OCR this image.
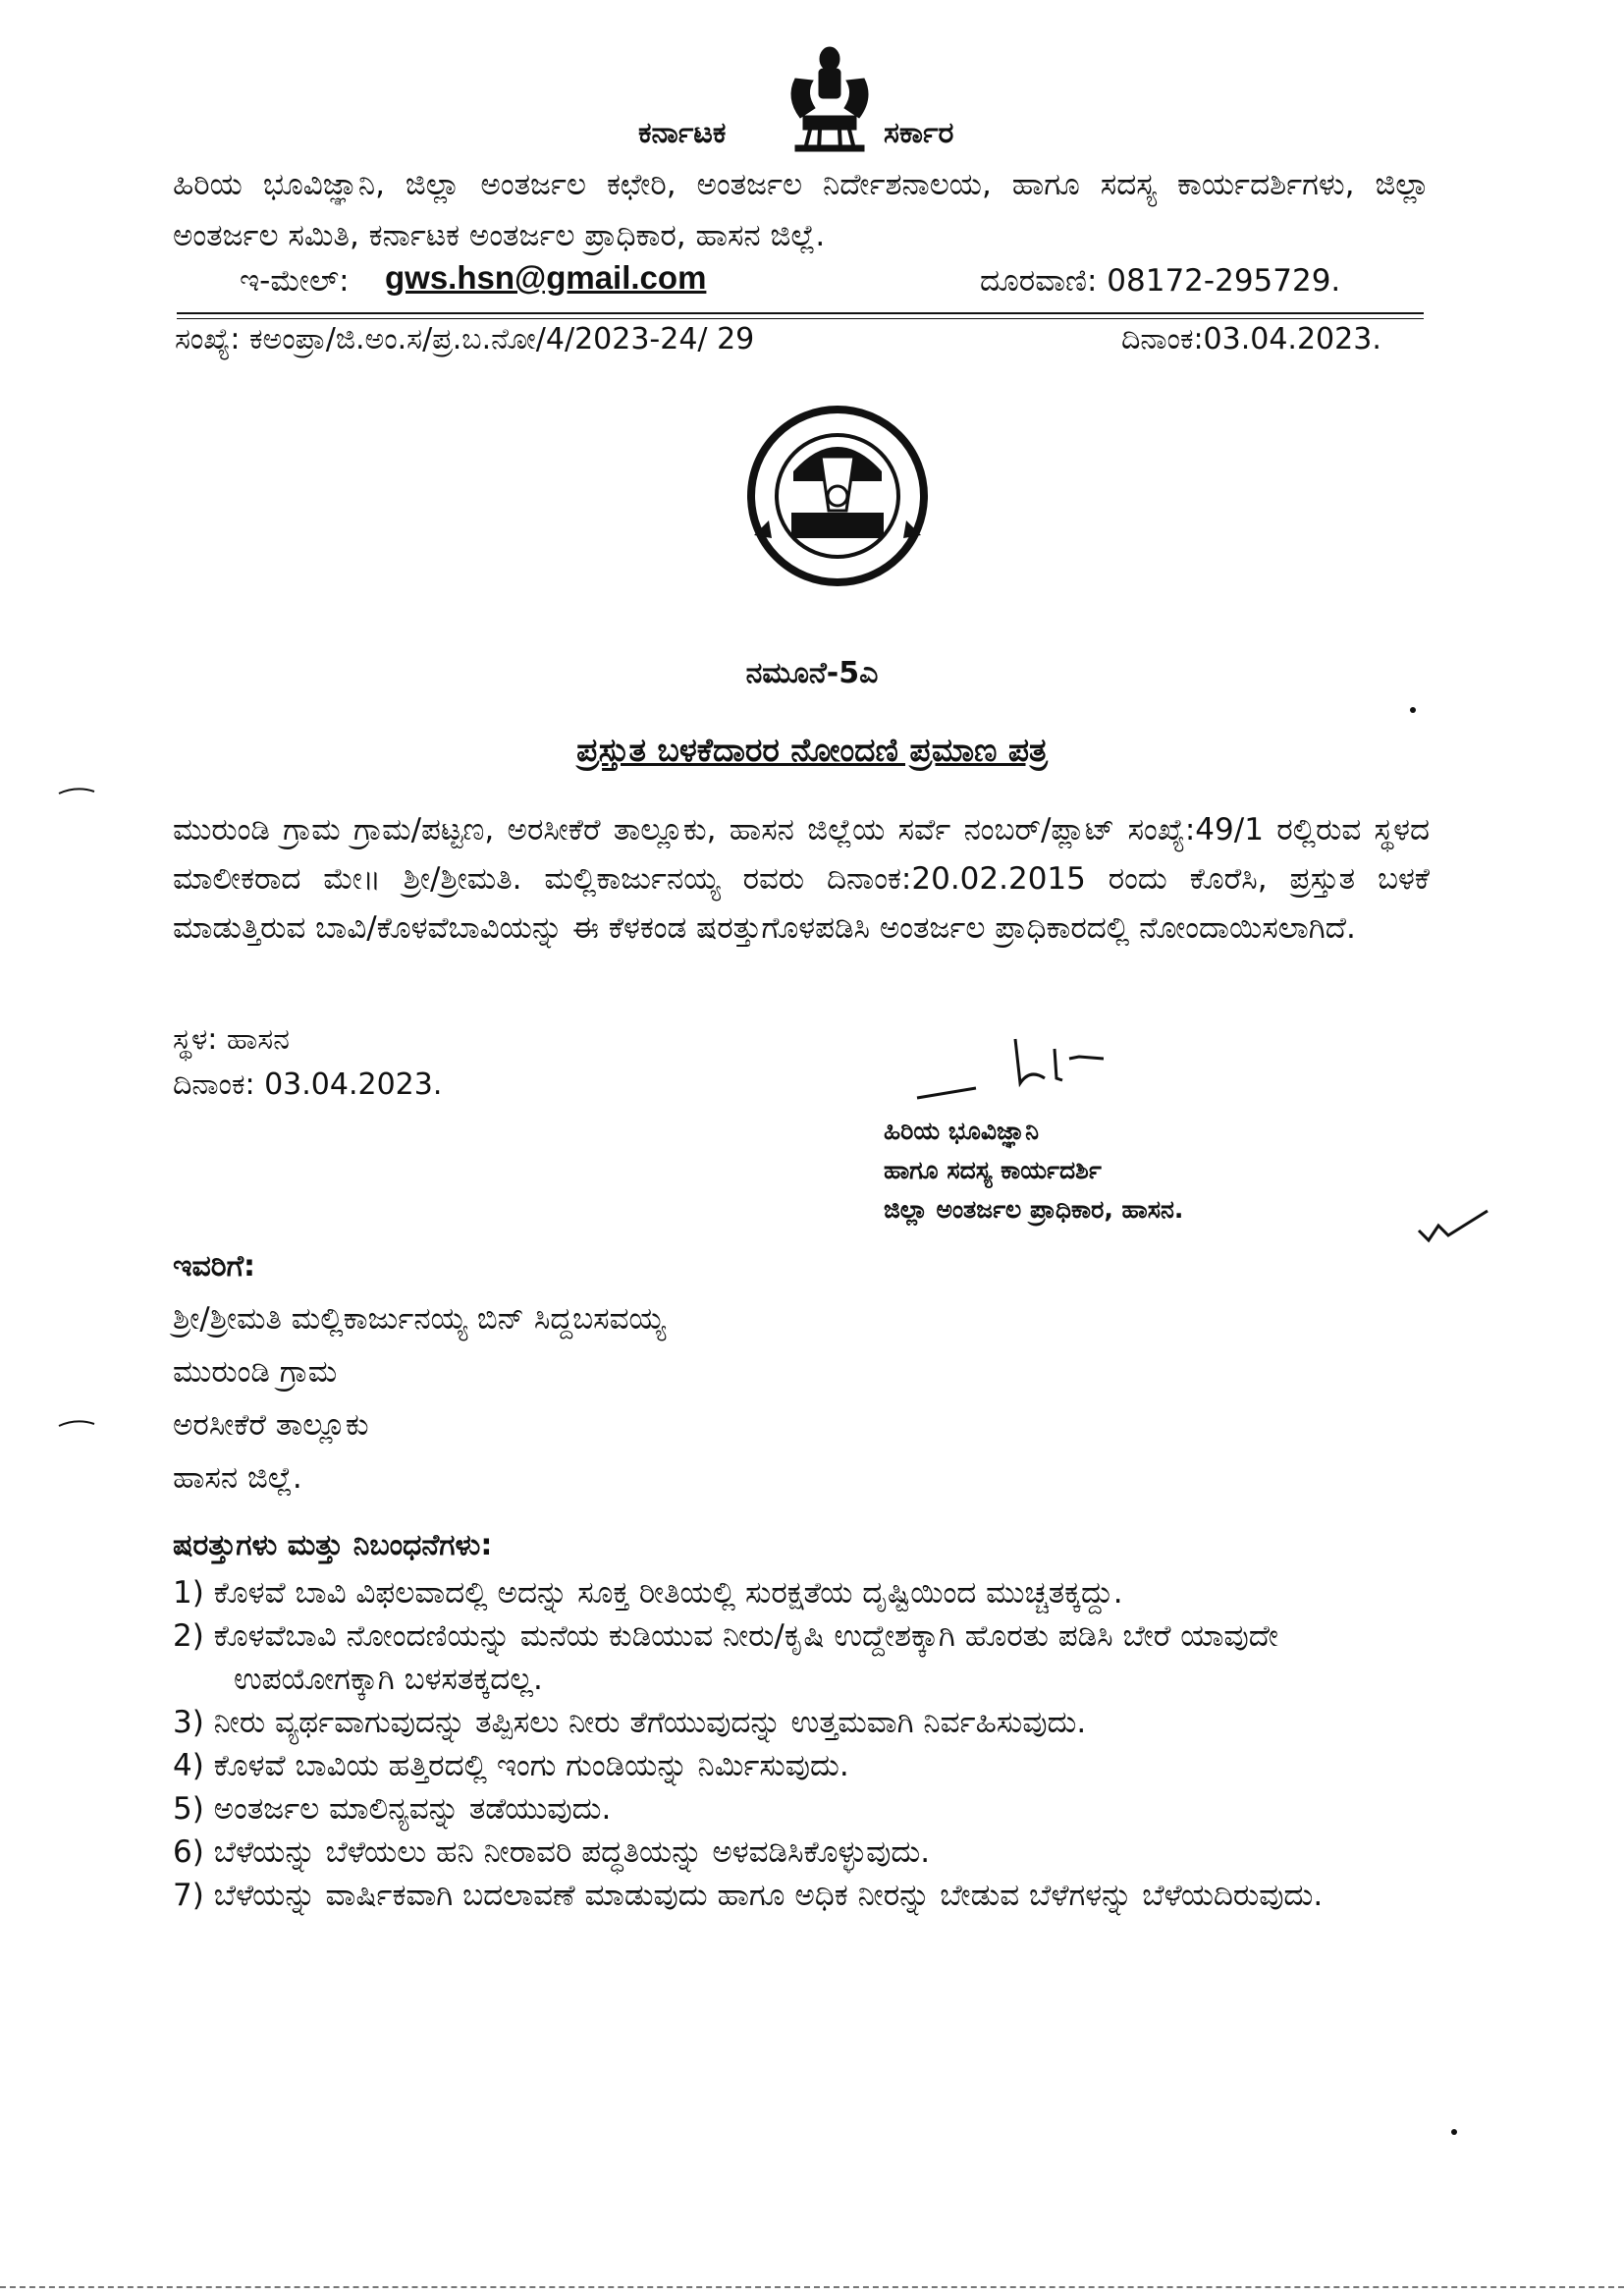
ಕರ್ನಾಟಕ	ಸರ್ಕಾರ
ಹಿರಿಯ ಭೂವಿಜ್ಞಾನಿ, ಜಿಲ್ಲಾ ಅಂತರ್ಜಲ ಕಛೇರಿ, ಅಂತರ್ಜಲ ನಿರ್ದೇಶನಾಲಯ, ಹಾಗೂ ಸದಸ್ಯ ಕಾರ್ಯದರ್ಶಿಗಳು, ಜಿಲ್ಲಾ ಅಂತರ್ಜಲ ಸಮಿತಿ, ಕರ್ನಾಟಕ ಅಂತರ್ಜಲ ಪ್ರಾಧಿಕಾರ, ಹಾಸನ ಜಿಲ್ಲೆ.
ಇ-ಮೇಲ್: gws.hsn@gmail.com	ದೂರವಾಣಿ: 08172-295729.
ಸಂಖ್ಯೆ: ಕಅಂಪ್ರಾ/ಜಿ.ಅಂ.ಸ/ಪ್ರ.ಬ.ನೋ/4/2023-24/ 29	ದಿನಾಂಕ:03.04.2023.
ನಮೂನೆ-5ಎ
ಪ್ರಸ್ತುತ ಬಳಕೆದಾರರ ನೋಂದಣಿ ಪ್ರಮಾಣ ಪತ್ರ
ಮುರುಂಡಿ ಗ್ರಾಮ ಗ್ರಾಮ/ಪಟ್ಟಣ, ಅರಸೀಕೆರೆ ತಾಲ್ಲೂಕು, ಹಾಸನ ಜಿಲ್ಲೆಯ ಸರ್ವೆ ನಂಬರ್/ಪ್ಲಾಟ್ ಸಂಖ್ಯೆ:49/1 ರಲ್ಲಿರುವ ಸ್ಥಳದ ಮಾಲೀಕರಾದ ಮೇ॥ ಶ್ರೀ/ಶ್ರೀಮತಿ. ಮಲ್ಲಿಕಾರ್ಜುನಯ್ಯ ರವರು ದಿನಾಂಕ:20.02.2015 ರಂದು ಕೊರೆಸಿ, ಪ್ರಸ್ತುತ ಬಳಕೆ ಮಾಡುತ್ತಿರುವ ಬಾವಿ/ಕೊಳವೆಬಾವಿಯನ್ನು ಈ ಕೆಳಕಂಡ ಷರತ್ತುಗೊಳಪಡಿಸಿ ಅಂತರ್ಜಲ ಪ್ರಾಧಿಕಾರದಲ್ಲಿ ನೋಂದಾಯಿಸಲಾಗಿದೆ.
ಸ್ಥಳ: ಹಾಸನ
ದಿನಾಂಕ: 03.04.2023.
ಹಿರಿಯ ಭೂವಿಜ್ಞಾನಿ
ಹಾಗೂ ಸದಸ್ಯ ಕಾರ್ಯದರ್ಶಿ
ಜಿಲ್ಲಾ ಅಂತರ್ಜಲ ಪ್ರಾಧಿಕಾರ, ಹಾಸನ.
ಇವರಿಗೆ:
ಶ್ರೀ/ಶ್ರೀಮತಿ ಮಲ್ಲಿಕಾರ್ಜುನಯ್ಯ ಬಿನ್ ಸಿದ್ದಬಸವಯ್ಯ
ಮುರುಂಡಿ ಗ್ರಾಮ
ಅರಸೀಕೆರೆ ತಾಲ್ಲೂಕು
ಹಾಸನ ಜಿಲ್ಲೆ.
ಷರತ್ತುಗಳು ಮತ್ತು ನಿಬಂಧನೆಗಳು:

1) ಕೊಳವೆ ಬಾವಿ ವಿಫಲವಾದಲ್ಲಿ ಅದನ್ನು ಸೂಕ್ತ ರೀತಿಯಲ್ಲಿ ಸುರಕ್ಷತೆಯ ದೃಷ್ಟಿಯಿಂದ ಮುಚ್ಚತಕ್ಕದ್ದು.

2) ಕೊಳವೆಬಾವಿ ನೋಂದಣಿಯನ್ನು ಮನೆಯ ಕುಡಿಯುವ ನೀರು/ಕೃಷಿ ಉದ್ದೇಶಕ್ಕಾಗಿ ಹೊರತು ಪಡಿಸಿ ಬೇರೆ ಯಾವುದೇ ಉಪಯೋಗಕ್ಕಾಗಿ ಬಳಸತಕ್ಕದಲ್ಲ.

3) ನೀರು ವ್ಯರ್ಥವಾಗುವುದನ್ನು ತಪ್ಪಿಸಲು ನೀರು ತೆಗೆಯುವುದನ್ನು ಉತ್ತಮವಾಗಿ ನಿರ್ವಹಿಸುವುದು.

4) ಕೊಳವೆ ಬಾವಿಯ ಹತ್ತಿರದಲ್ಲಿ ಇಂಗು ಗುಂಡಿಯನ್ನು ನಿರ್ಮಿಸುವುದು.

5) ಅಂತರ್ಜಲ ಮಾಲಿನ್ಯವನ್ನು ತಡೆಯುವುದು.

6) ಬೆಳೆಯನ್ನು ಬೆಳೆಯಲು ಹನಿ ನೀರಾವರಿ ಪದ್ಧತಿಯನ್ನು ಅಳವಡಿಸಿಕೊಳ್ಳುವುದು.

7) ಬೆಳೆಯನ್ನು ವಾರ್ಷಿಕವಾಗಿ ಬದಲಾವಣೆ ಮಾಡುವುದು ಹಾಗೂ ಅಧಿಕ ನೀರನ್ನು ಬೇಡುವ ಬೆಳೆಗಳನ್ನು ಬೆಳೆಯದಿರುವುದು.
